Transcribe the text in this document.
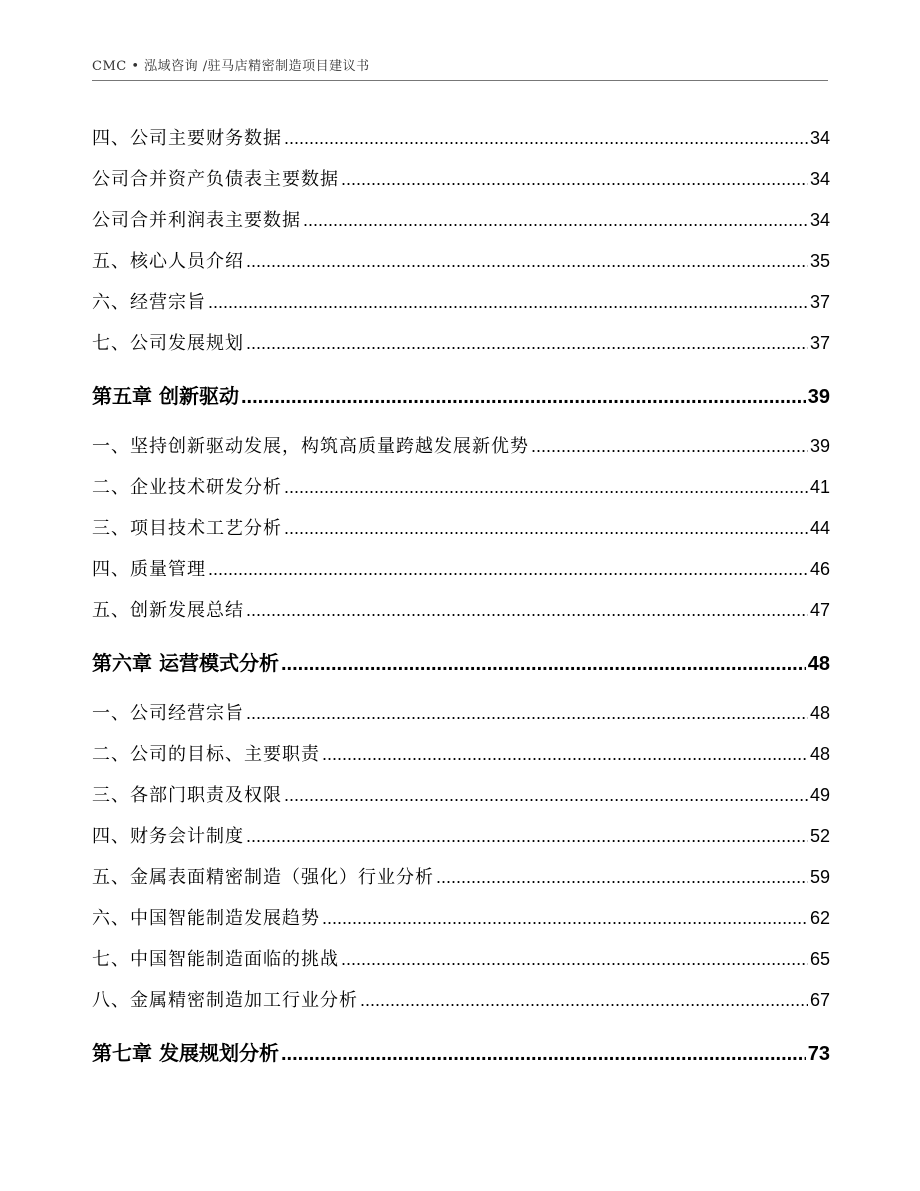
CMC • 泓域咨询 /驻马店精密制造项目建议书
四、 公司主要财务数据 .....	34
公司合并资产负债表主要数据 .....	34
公司合并利润表主要数据 .....	34
五、 核心人员介绍 .....	35
六、 经营宗旨 .....	37
七、 公司发展规划 .....	37
第五章 创新驱动 .....	39
一、 坚持创新驱动发展，构筑高质量跨越发展新优势 .....	39
二、 企业技术研发分析 .....	41
三、 项目技术工艺分析 .....	44
四、 质量管理 .....	46
五、 创新发展总结 .....	47
第六章 运营模式分析 .....	48
一、 公司经营宗旨 .....	48
二、 公司的目标、主要职责 .....	48
三、 各部门职责及权限 .....	49
四、 财务会计制度 .....	52
五、 金属表面精密制造（强化）行业分析 .....	59
六、 中国智能制造发展趋势 .....	62
七、 中国智能制造面临的挑战 .....	65
八、 金属精密制造加工行业分析 .....	67
第七章 发展规划分析 .....	73
